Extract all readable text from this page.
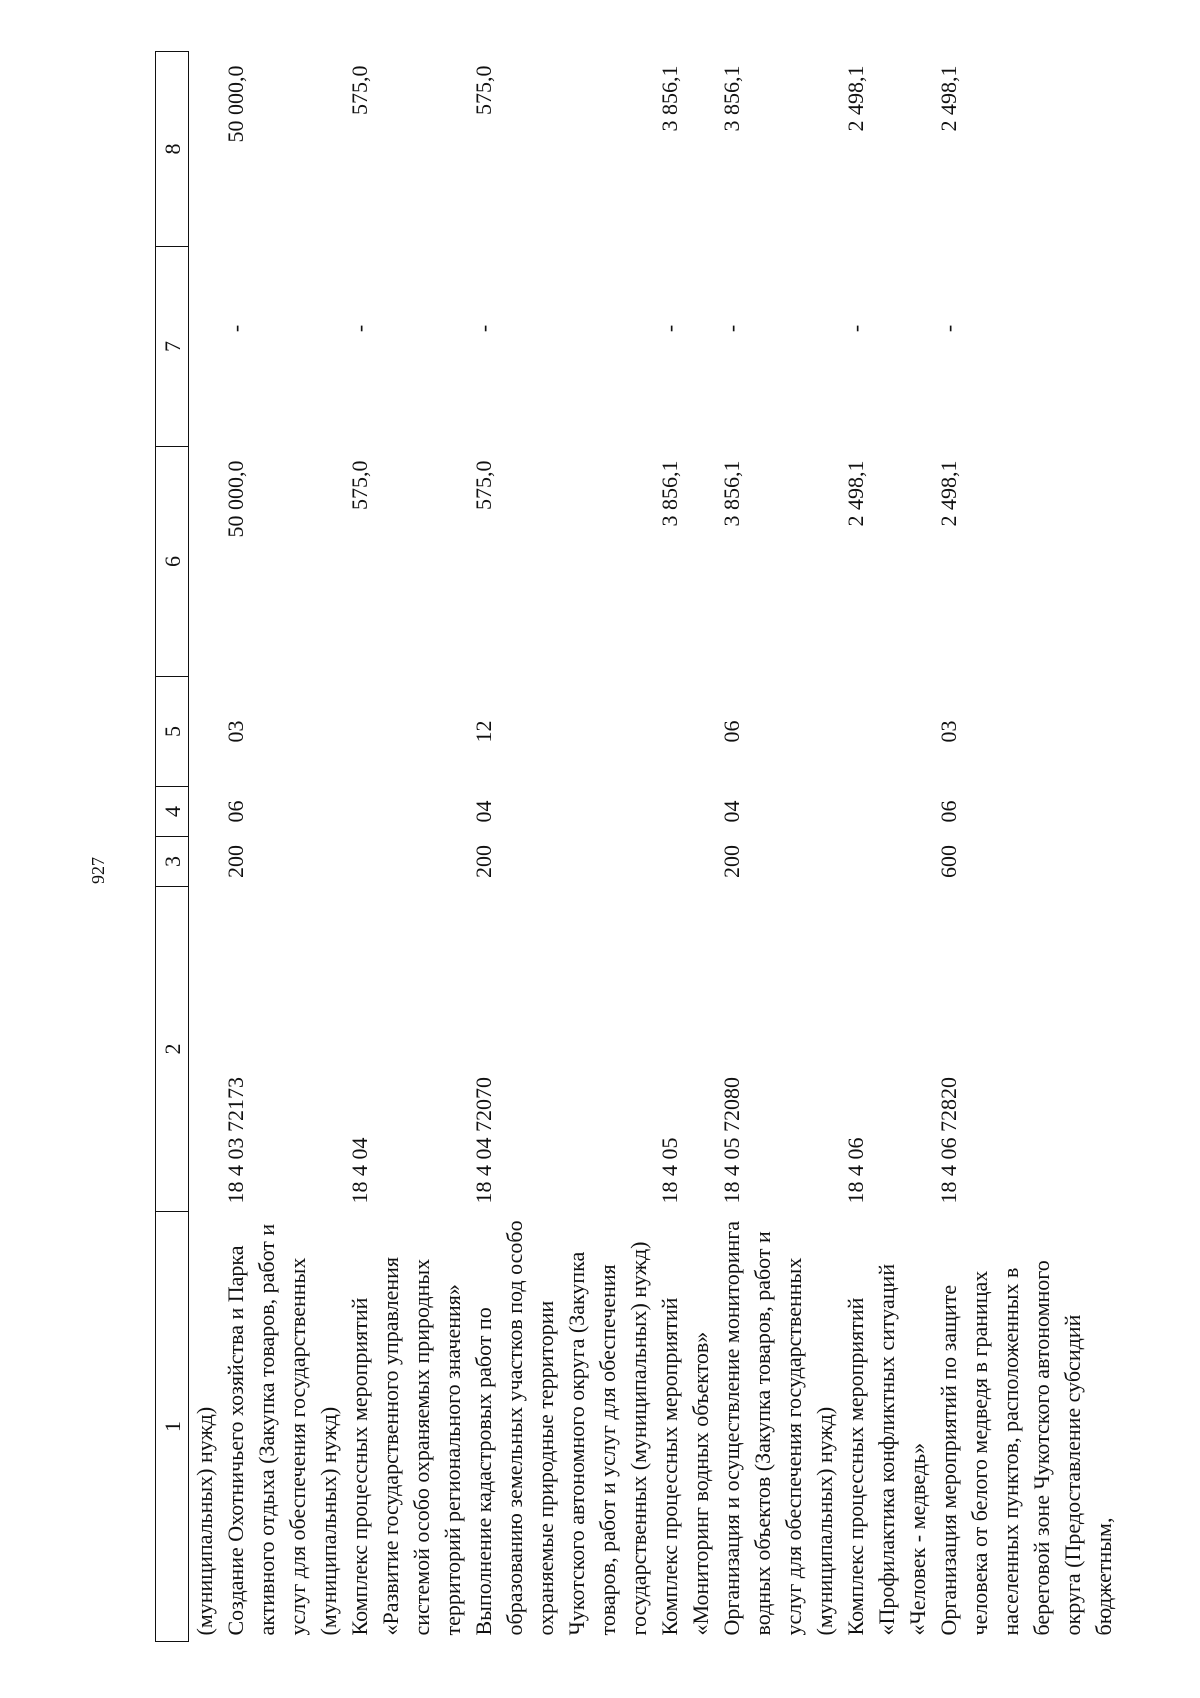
927
1	2	3	4	5	6	7	8
(муниципальных) нужд)							
Создание Охотничьего хозяйства и Парка активного отдыха (Закупка товаров, работ и услуг для обеспечения государственных (муниципальных) нужд)	18 4 03 72173	200	06	03	50 000,0	-	50 000,0
Комплекс процессных мероприятий «Развитие государственного управления системой особо охраняемых природных территорий регионального значения»	18 4 04				575,0	-	575,0
Выполнение кадастровых работ по образованию земельных участков под особо охраняемые природные территории Чукотского автономного округа (Закупка товаров, работ и услуг для обеспечения государственных (муниципальных) нужд)	18 4 04 72070	200	04	12	575,0	-	575,0
Комплекс процессных мероприятий «Мониторинг водных объектов»	18 4 05				3 856,1	-	3 856,1
Организация и осуществление мониторинга водных объектов (Закупка товаров, работ и услуг для обеспечения государственных (муниципальных) нужд)	18 4 05 72080	200	04	06	3 856,1	-	3 856,1
Комплекс процессных мероприятий «Профилактика конфликтных ситуаций «Человек - медведь»	18 4 06				2 498,1	-	2 498,1
Организация мероприятий по защите человека от белого медведя в границах населенных пунктов, расположенных в береговой зоне Чукотского автономного округа (Предоставление субсидий бюджетным,	18 4 06 72820	600	06	03	2 498,1	-	2 498,1
